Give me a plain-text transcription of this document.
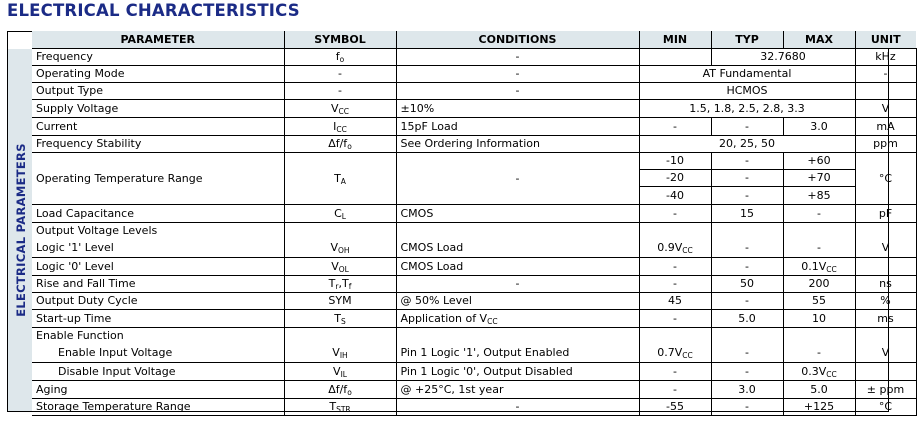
ELECTRICAL CHARACTERISTICS
ELECTRICAL PARAMETERS
PARAMETER	SYMBOL	CONDITIONS	MIN	TYP	MAX	UNIT
Frequency	$f_o$	-		32.7680		kHz
Operating Mode	-	-	AT Fundamental			-
Output Type	-	-	HCMOS			
Supply Voltage	$V_{CC}$	±10%	1.5, 1.8, 2.5, 2.8, 3.3			V
Current	$I_{CC}$	15pF Load	-	-	3.0	mA
Frequency Stability	$\Delta f/f_o$	See Ordering Information	20, 25, 50			ppm
Operating Temperature Range	$T_A$	-	-10	-	+60	°C
			-20	-	+70	
			-40	-	+85	
Load Capacitance	$C_L$	CMOS	-	15	-	pF
Output Voltage Levels						
Logic '1' Level	$V_{OH}$	CMOS Load	$0.9V_{CC}$	-	-	V
Logic '0' Level	$V_{OL}$	CMOS Load	-	-	$0.1V_{CC}$	
Rise and Fall Time	$T_r,T_f$	-	-	50	200	ns
Output Duty Cycle	SYM	@ 50% Level	45	-	55	%
Start-up Time	$T_S$	Application of $V_{CC}$	-	5.0	10	ms
Enable Function						
Enable Input Voltage	$V_{IH}$	Pin 1 Logic '1', Output Enabled	$0.7V_{CC}$	-	-	V
Disable Input Voltage	$V_{IL}$	Pin 1 Logic '0', Output Disabled	-	-	$0.3V_{CC}$	
Aging	$\Delta f/f_o$	@ +25°C, 1st year	-	3.0	5.0	± ppm
Storage Temperature Range	$T_{STR}$	-	-55	-	+125	°C
